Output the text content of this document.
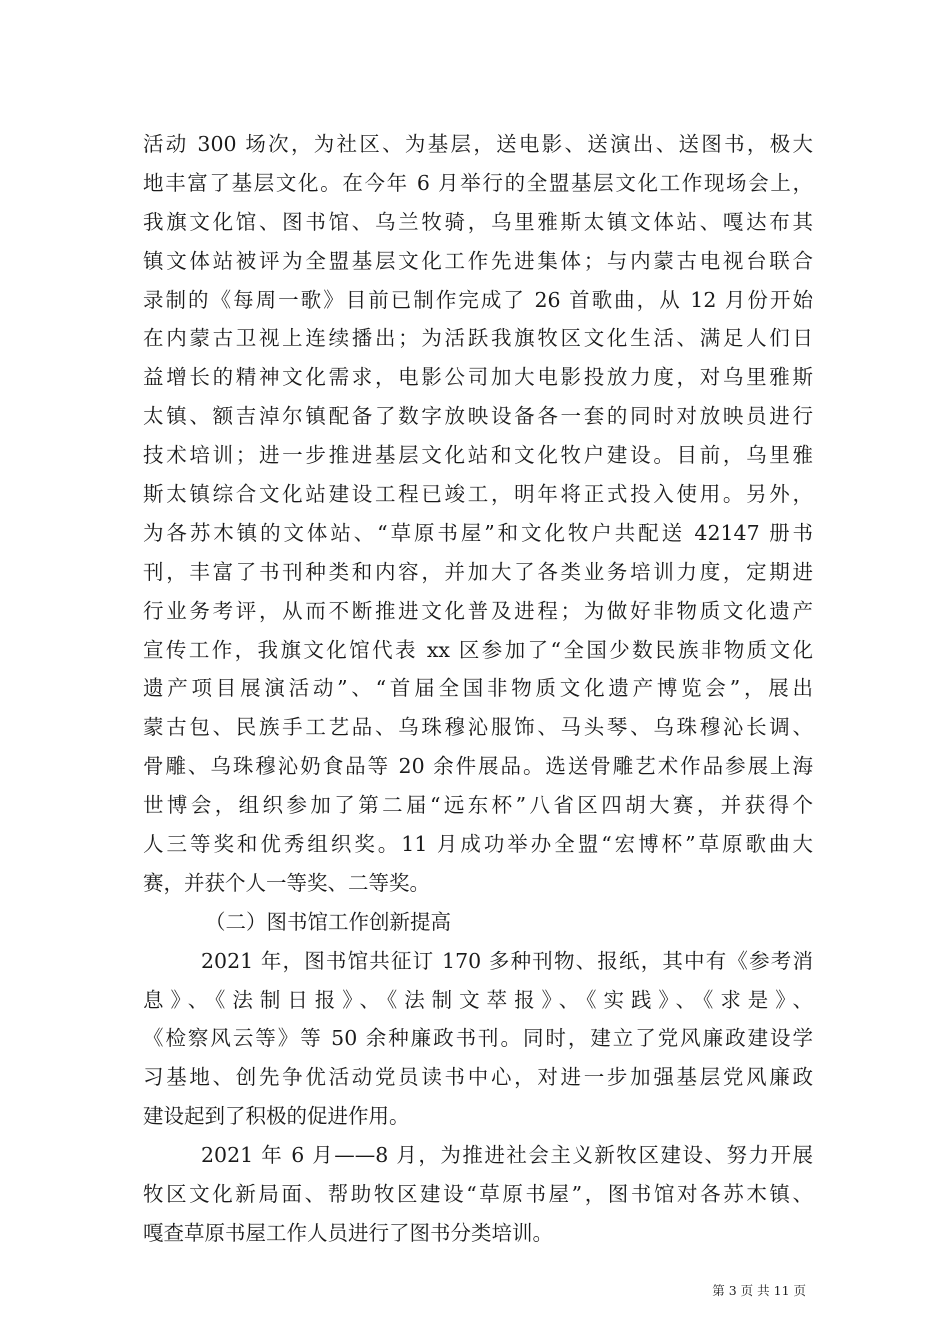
活动 300 场次，为社区、为基层，送电影、送演出、送图书，极大
地丰富了基层文化。在今年 6 月举行的全盟基层文化工作现场会上，
我旗文化馆、图书馆、乌兰牧骑，乌里雅斯太镇文体站、嘎达布其
镇文体站被评为全盟基层文化工作先进集体；与内蒙古电视台联合
录制的《每周一歌》目前已制作完成了 26 首歌曲，从 12 月份开始
在内蒙古卫视上连续播出；为活跃我旗牧区文化生活、满足人们日
益增长的精神文化需求，电影公司加大电影投放力度，对乌里雅斯
太镇、额吉淖尔镇配备了数字放映设备各一套的同时对放映员进行
技术培训；进一步推进基层文化站和文化牧户建设。目前，乌里雅
斯太镇综合文化站建设工程已竣工，明年将正式投入使用。另外，
为各苏木镇的文体站、“草原书屋”和文化牧户共配送 42147 册书
刊，丰富了书刊种类和内容，并加大了各类业务培训力度，定期进
行业务考评，从而不断推进文化普及进程；为做好非物质文化遗产
宣传工作，我旗文化馆代表 xx 区参加了“全国少数民族非物质文化
遗产项目展演活动”、“首届全国非物质文化遗产博览会”，展出
蒙古包、民族手工艺品、乌珠穆沁服饰、马头琴、乌珠穆沁长调、
骨雕、乌珠穆沁奶食品等 20 余件展品。选送骨雕艺术作品参展上海
世博会，组织参加了第二届“远东杯”八省区四胡大赛，并获得个
人三等奖和优秀组织奖。11 月成功举办全盟“宏博杯”草原歌曲大
赛，并获个人一等奖、二等奖。
（二）图书馆工作创新提高
2021 年，图书馆共征订 170 多种刊物、报纸，其中有《参考消
息》、《法制日报》、《法制文萃报》、《实践》、《求是》、
《检察风云等》等 50 余种廉政书刊。同时，建立了党风廉政建设学
习基地、创先争优活动党员读书中心，对进一步加强基层党风廉政
建设起到了积极的促进作用。
2021 年 6 月——8 月，为推进社会主义新牧区建设、努力开展
牧区文化新局面、帮助牧区建设“草原书屋”，图书馆对各苏木镇、
嘎查草原书屋工作人员进行了图书分类培训。
第 3 页 共 11 页
